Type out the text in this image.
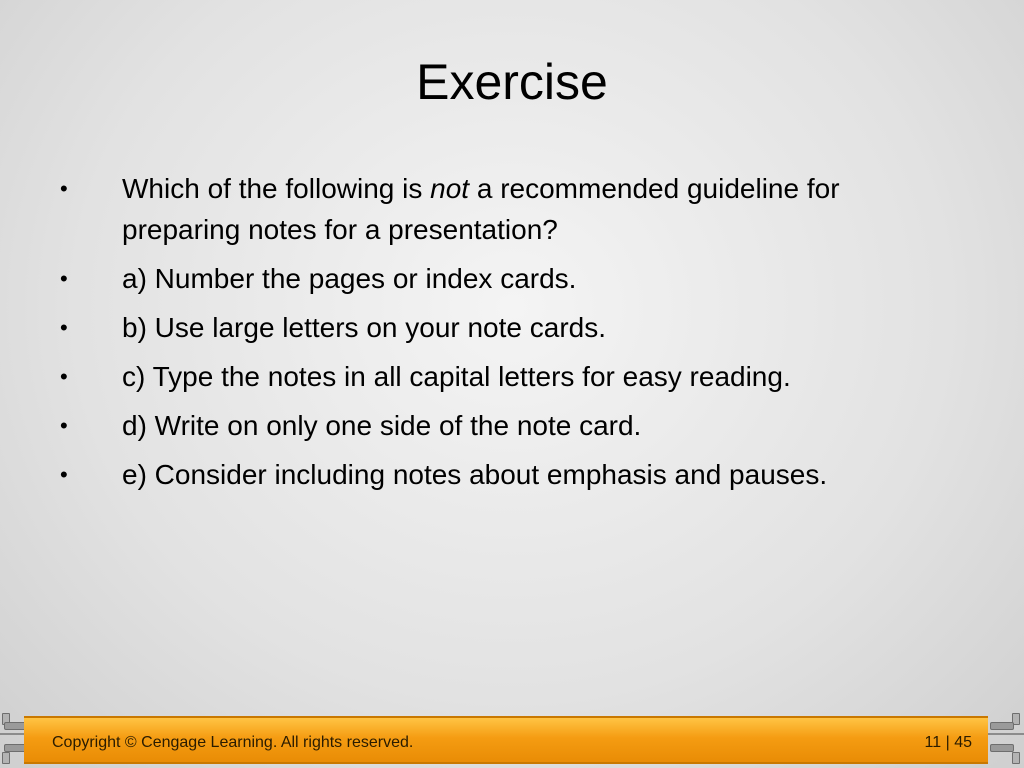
Exercise
•	Which of the following is not a recommended guideline for preparing notes for a presentation?
•	a) Number the pages or index cards.
•	b) Use large letters on your note cards.
•	c) Type the notes in all capital letters for easy reading.
•	d) Write on only one side of the note card.
•	e) Consider including notes about emphasis and pauses.
Copyright © Cengage Learning. All rights reserved.	11 | 45
